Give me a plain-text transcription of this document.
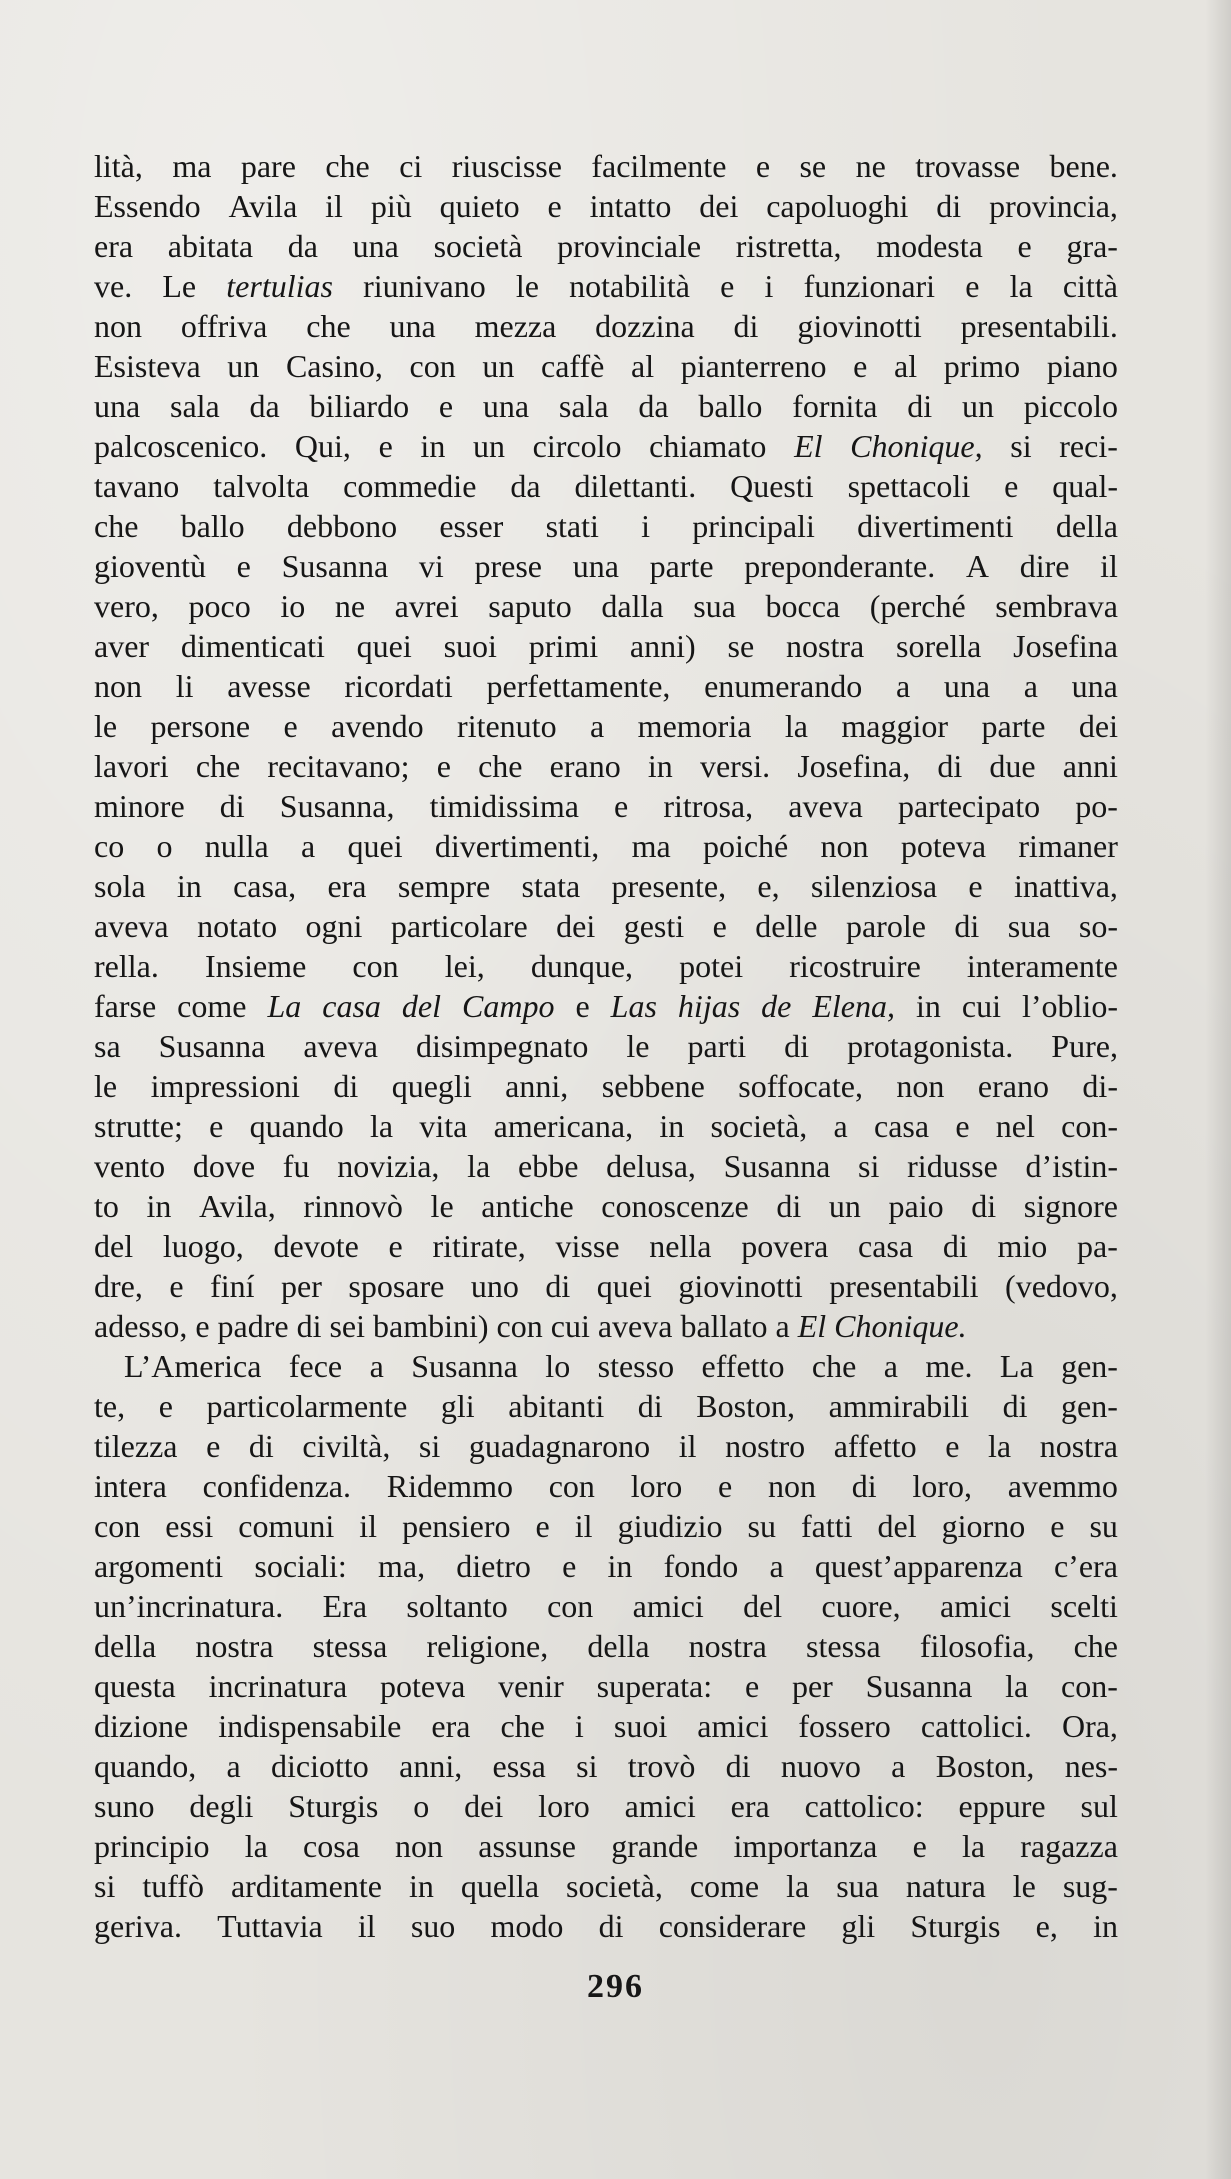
lità, ma pare che ci riuscisse facilmente e se ne trovasse bene.
Essendo Avila il più quieto e intatto dei capoluoghi di provincia,
era abitata da una società provinciale ristretta, modesta e gra-
ve. Le tertulias riunivano le notabilità e i funzionari e la città
non offriva che una mezza dozzina di giovinotti presentabili.
Esisteva un Casino, con un caffè al pianterreno e al primo piano
una sala da biliardo e una sala da ballo fornita di un piccolo
palcoscenico. Qui, e in un circolo chiamato El Chonique, si reci-
tavano talvolta commedie da dilettanti. Questi spettacoli e qual-
che ballo debbono esser stati i principali divertimenti della
gioventù e Susanna vi prese una parte preponderante. A dire il
vero, poco io ne avrei saputo dalla sua bocca (perché sembrava
aver dimenticati quei suoi primi anni) se nostra sorella Josefina
non li avesse ricordati perfettamente, enumerando a una a una
le persone e avendo ritenuto a memoria la maggior parte dei
lavori che recitavano; e che erano in versi. Josefina, di due anni
minore di Susanna, timidissima e ritrosa, aveva partecipato po-
co o nulla a quei divertimenti, ma poiché non poteva rimaner
sola in casa, era sempre stata presente, e, silenziosa e inattiva,
aveva notato ogni particolare dei gesti e delle parole di sua so-
rella. Insieme con lei, dunque, potei ricostruire interamente
farse come La casa del Campo e Las hijas de Elena, in cui l’oblio-
sa Susanna aveva disimpegnato le parti di protagonista. Pure,
le impressioni di quegli anni, sebbene soffocate, non erano di-
strutte; e quando la vita americana, in società, a casa e nel con-
vento dove fu novizia, la ebbe delusa, Susanna si ridusse d’istin-
to in Avila, rinnovò le antiche conoscenze di un paio di signore
del luogo, devote e ritirate, visse nella povera casa di mio pa-
dre, e finí per sposare uno di quei giovinotti presentabili (vedovo,
adesso, e padre di sei bambini) con cui aveva ballato a El Chonique.
L’America fece a Susanna lo stesso effetto che a me. La gen-
te, e particolarmente gli abitanti di Boston, ammirabili di gen-
tilezza e di civiltà, si guadagnarono il nostro affetto e la nostra
intera confidenza. Ridemmo con loro e non di loro, avemmo
con essi comuni il pensiero e il giudizio su fatti del giorno e su
argomenti sociali: ma, dietro e in fondo a quest’apparenza c’era
un’incrinatura. Era soltanto con amici del cuore, amici scelti
della nostra stessa religione, della nostra stessa filosofia, che
questa incrinatura poteva venir superata: e per Susanna la con-
dizione indispensabile era che i suoi amici fossero cattolici. Ora,
quando, a diciotto anni, essa si trovò di nuovo a Boston, nes-
suno degli Sturgis o dei loro amici era cattolico: eppure sul
principio la cosa non assunse grande importanza e la ragazza
si tuffò arditamente in quella società, come la sua natura le sug-
geriva. Tuttavia il suo modo di considerare gli Sturgis e, in
296
